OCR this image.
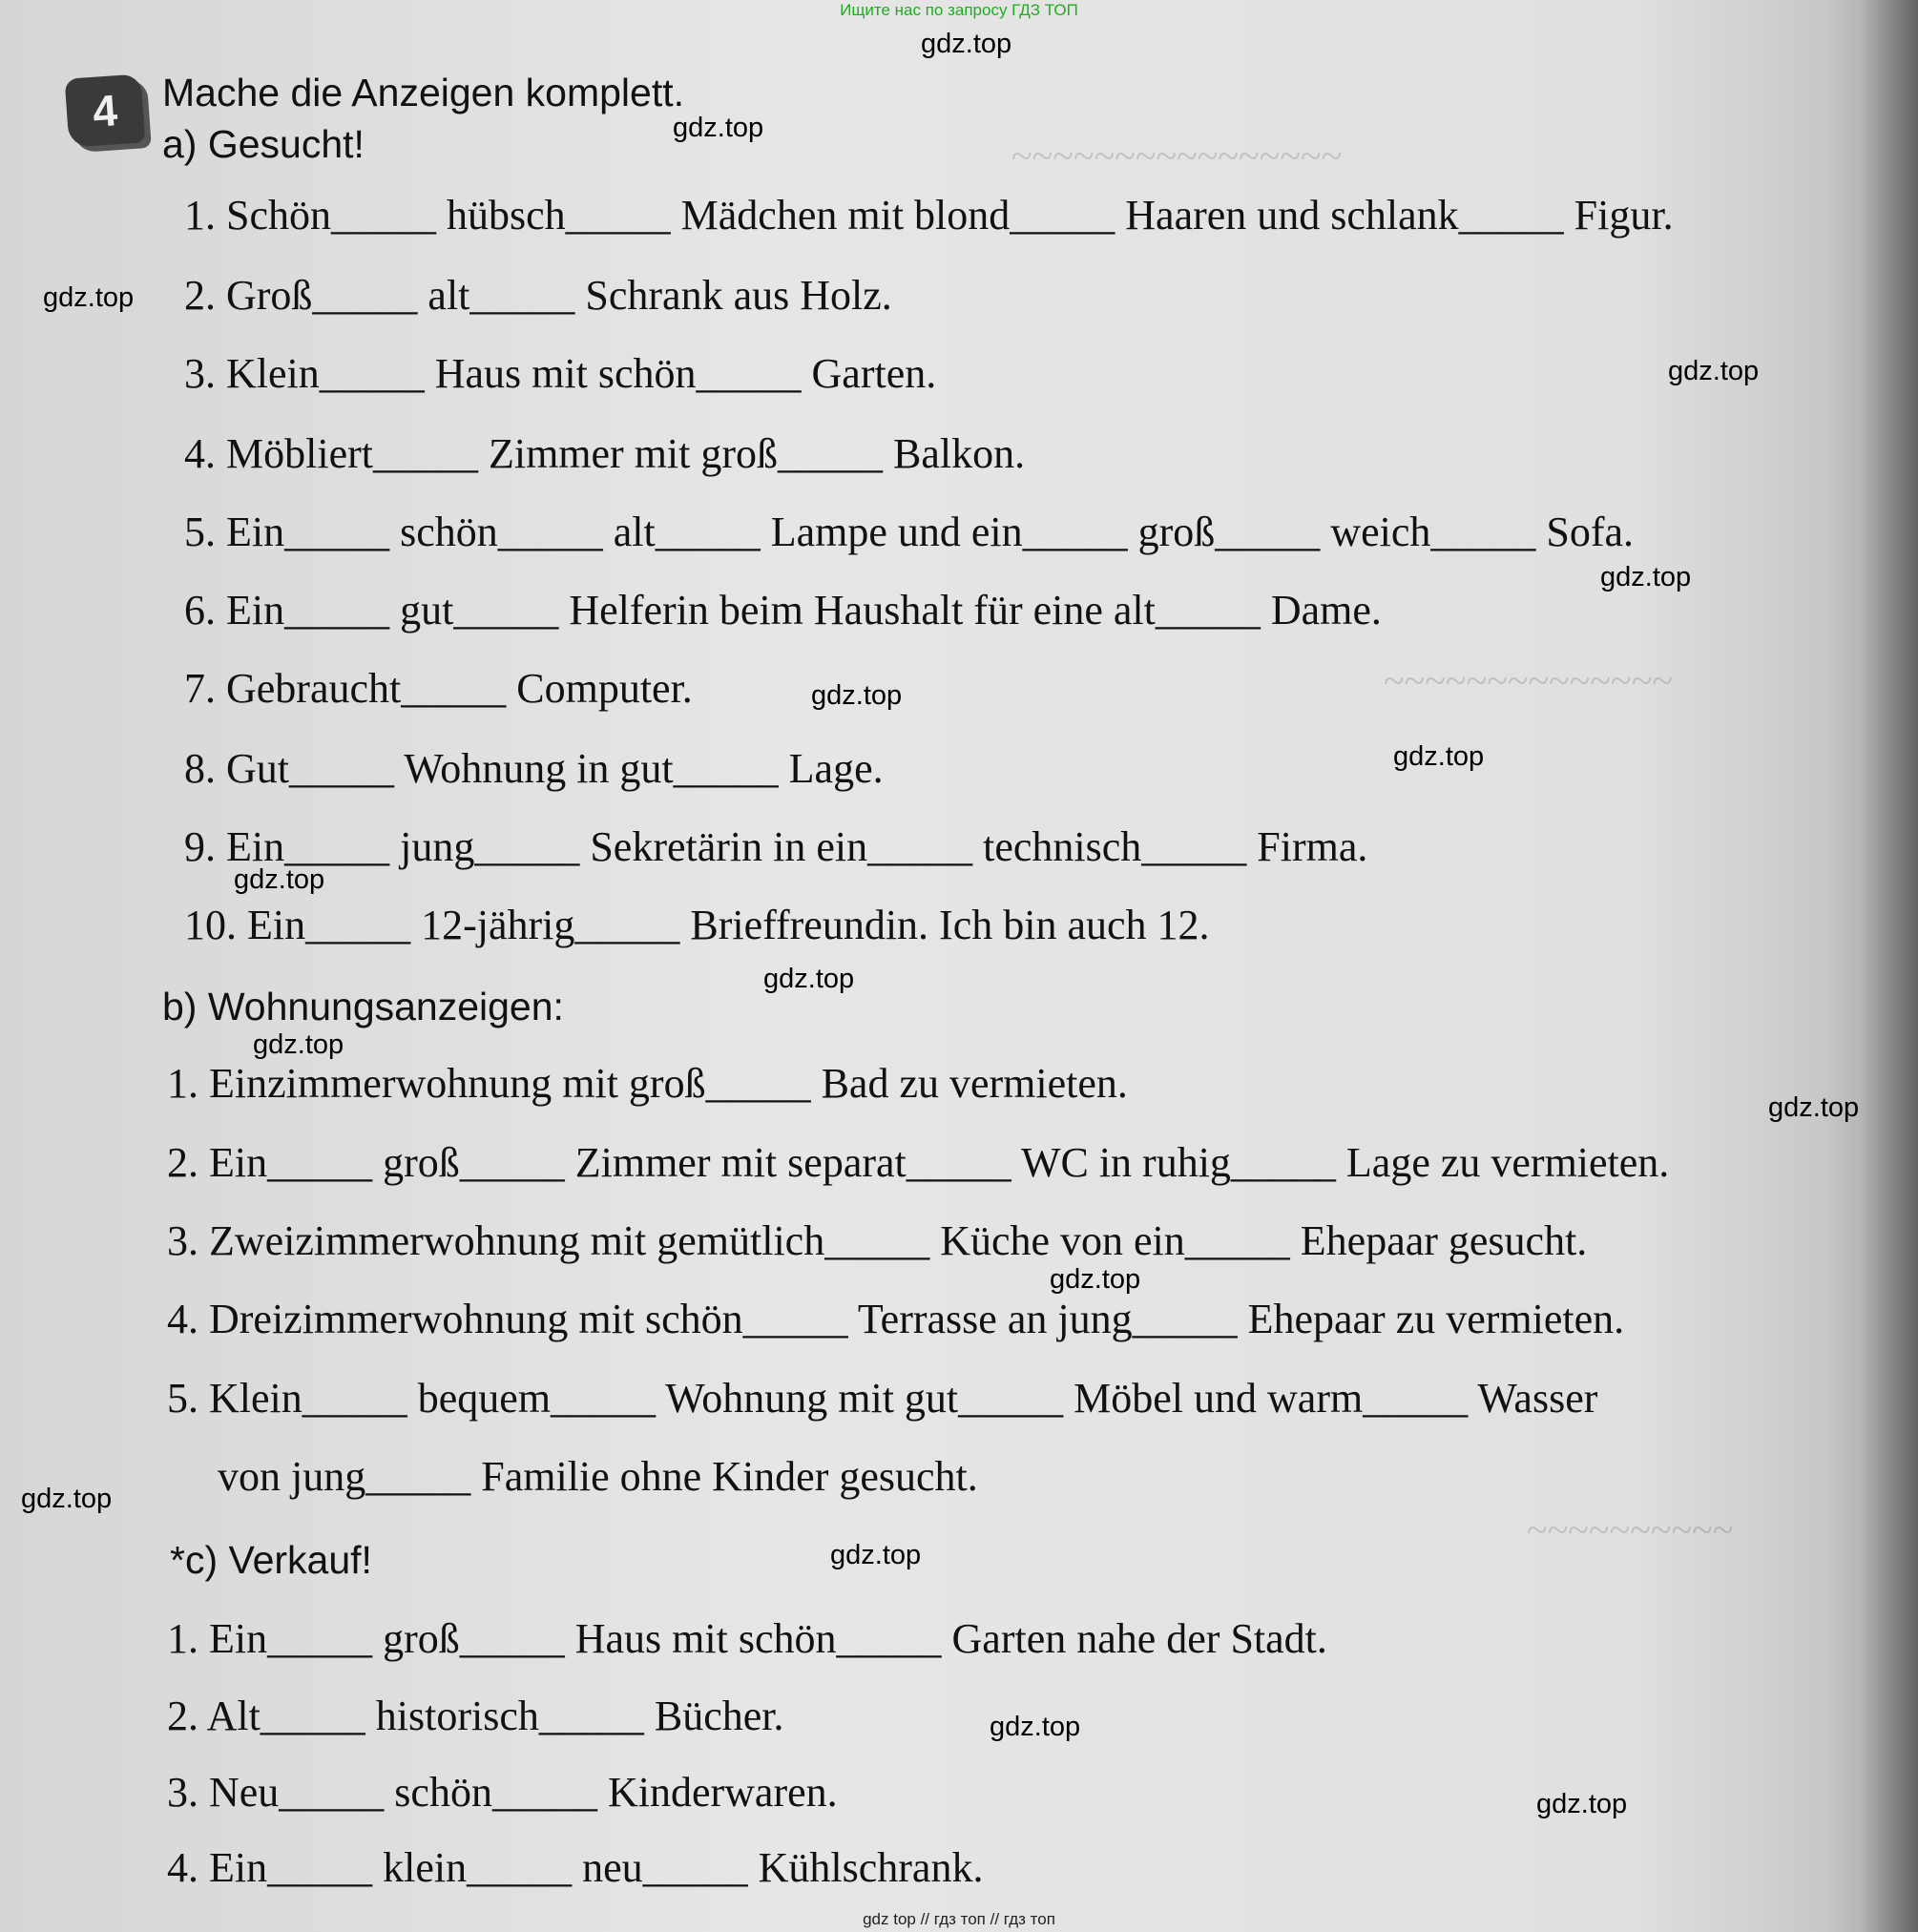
~~~~~~~~~~~~~~~~
~~~~~~~~~~~~~~
~~~~~~~~~~
Ищите нас по запросу ГДЗ ТОП
gdz.top
gdz.top
gdz.top
gdz.top
gdz.top
gdz.top
gdz.top
gdz.top
gdz.top
gdz.top
gdz.top
gdz.top
gdz.top
gdz.top
gdz.top
gdz.top
4	Mache die Anzeigen komplett.
a) Gesucht!
1. Schön_____ hübsch_____ Mädchen mit blond_____ Haaren und schlank_____ Figur.
2. Groß_____ alt_____ Schrank aus Holz.
3. Klein_____ Haus mit schön_____ Garten.
4. Möbliert_____ Zimmer mit groß_____ Balkon.
5. Ein_____ schön_____ alt_____ Lampe und ein_____ groß_____ weich_____ Sofa.
6. Ein_____ gut_____ Helferin beim Haushalt für eine alt_____ Dame.
7. Gebraucht_____ Computer.
8. Gut_____ Wohnung in gut_____ Lage.
9. Ein_____ jung_____ Sekretärin in ein_____ technisch_____ Firma.
10. Ein_____ 12-jährig_____ Brieffreundin. Ich bin auch 12.
b) Wohnungsanzeigen:
1. Einzimmerwohnung mit groß_____ Bad zu vermieten.
2. Ein_____ groß_____ Zimmer mit separat_____ WC in ruhig_____ Lage zu vermieten.
3. Zweizimmerwohnung mit gemütlich_____ Küche von ein_____ Ehepaar gesucht.
4. Dreizimmerwohnung mit schön_____ Terrasse an jung_____ Ehepaar zu vermieten.
5. Klein_____ bequem_____ Wohnung mit gut_____ Möbel und warm_____ Wasser
von jung_____ Familie ohne Kinder gesucht.
*c) Verkauf!
1. Ein_____ groß_____ Haus mit schön_____ Garten nahe der Stadt.
2. Alt_____ historisch_____ Bücher.
3. Neu_____ schön_____ Kinderwaren.
4. Ein_____ klein_____ neu_____ Kühlschrank.
gdz top // гдз топ // гдз топ
